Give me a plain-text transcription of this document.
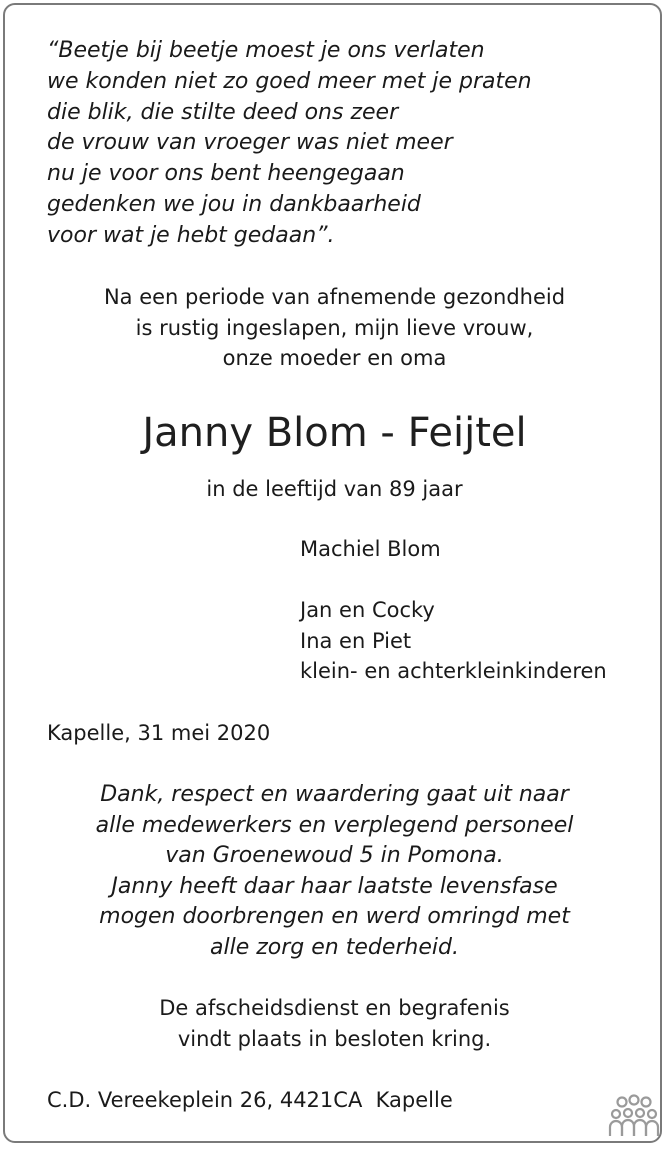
“Beetje bij beetje moest je ons verlaten
we konden niet zo goed meer met je praten
die blik, die stilte deed ons zeer
de vrouw van vroeger was niet meer
nu je voor ons bent heengegaan
gedenken we jou in dankbaarheid
voor wat je hebt gedaan”.
Na een periode van afnemende gezondheid
is rustig ingeslapen, mijn lieve vrouw,
onze moeder en oma
Janny Blom - Feijtel
in de leeftijd van 89 jaar
Machiel Blom
Jan en Cocky
Ina en Piet
klein- en achterkleinkinderen
Kapelle, 31 mei 2020
Dank, respect en waardering gaat uit naar
alle medewerkers en verplegend personeel
van Groenewoud 5 in Pomona.
Janny heeft daar haar laatste levensfase
mogen doorbrengen en werd omringd met
alle zorg en tederheid.
De afscheidsdienst en begrafenis
vindt plaats in besloten kring.
C.D. Vereekeplein 26, 4421CA  Kapelle
